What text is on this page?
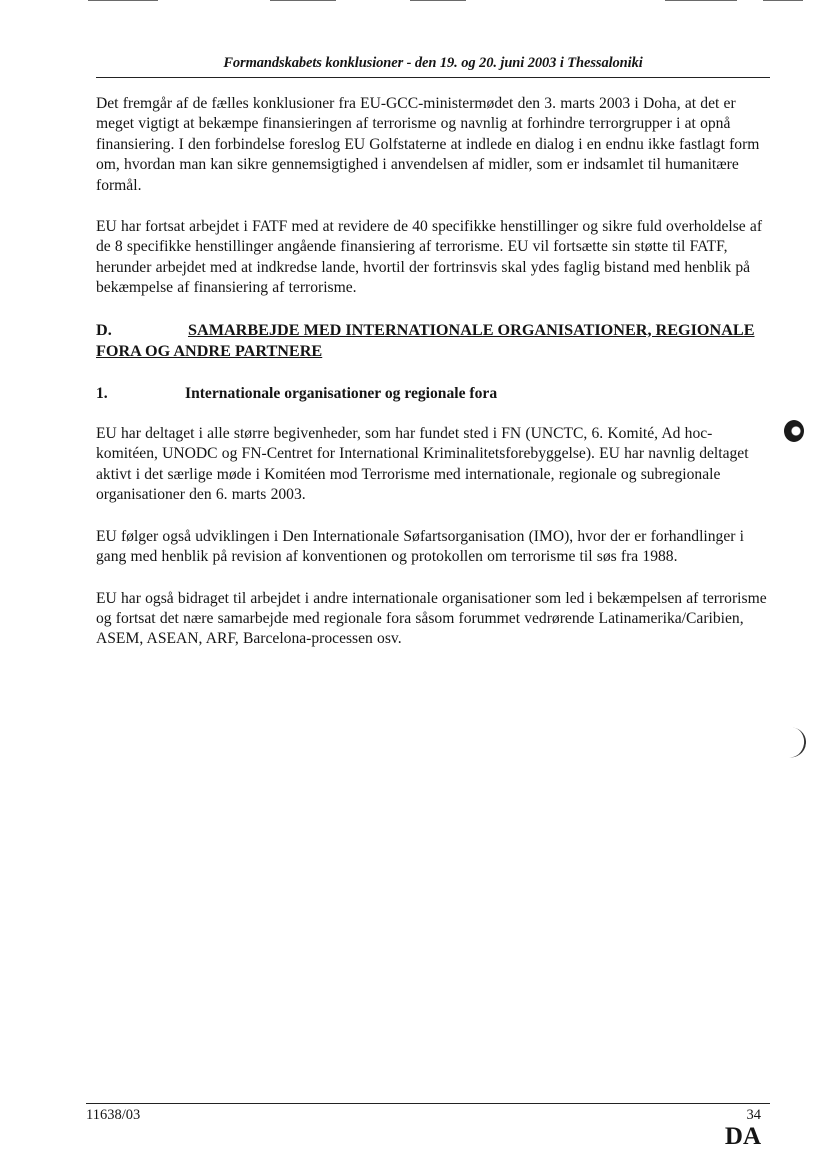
Formandskabets konklusioner - den 19. og 20. juni 2003 i Thessaloniki

Det fremgår af de fælles konklusioner fra EU-GCC-ministermødet den 3. marts 2003 i Doha, at det er meget vigtigt at bekæmpe finansieringen af terrorisme og navnlig at forhindre terrorgrupper i at opnå finansiering. I den forbindelse foreslog EU Golfstaterne at indlede en dialog i en endnu ikke fastlagt form om, hvordan man kan sikre gennemsigtighed i anvendelsen af midler, som er indsamlet til humanitære formål.

EU har fortsat arbejdet i FATF med at revidere de 40 specifikke henstillinger og sikre fuld overholdelse af de 8 specifikke henstillinger angående finansiering af terrorisme. EU vil fortsætte sin støtte til FATF, herunder arbejdet med at indkredse lande, hvortil der fortrinsvis skal ydes faglig bistand med henblik på bekæmpelse af finansiering af terrorisme.

D.	SAMARBEJDE MED INTERNATIONALE ORGANISATIONER, REGIONALE FORA OG ANDRE PARTNERE
1.	Internationale organisationer og regionale fora

EU har deltaget i alle større begivenheder, som har fundet sted i FN (UNCTC, 6. Komité, Ad hoc-komitéen, UNODC og FN-Centret for International Kriminalitetsforebyggelse). EU har navnlig deltaget aktivt i det særlige møde i Komitéen mod Terrorisme med internationale, regionale og subregionale organisationer den 6. marts 2003.

EU følger også udviklingen i Den Internationale Søfartsorganisation (IMO), hvor der er forhandlinger i gang med henblik på revision af konventionen og protokollen om terrorisme til søs fra 1988.

EU har også bidraget til arbejdet i andre internationale organisationer som led i bekæmpelsen af terrorisme og fortsat det nære samarbejde med regionale fora såsom forummet vedrørende Latinamerika/Caribien, ASEM, ASEAN, ARF, Barcelona-processen osv.

11638/03	34
DA
